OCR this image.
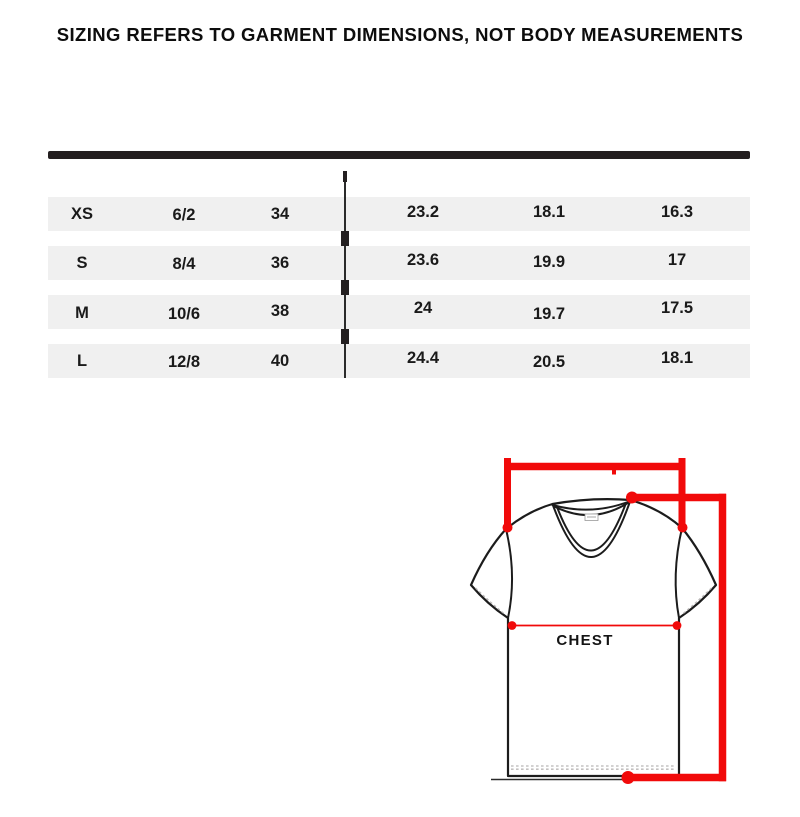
SIZING REFERS TO GARMENT DIMENSIONS, NOT BODY MEASUREMENTS
XS	6/2	34	23.2	18.1	16.3
S	8/4	36	23.6	19.9	17
M	10/6	38	24	19.7	17.5
L	12/8	40	24.4	20.5	18.1
CHEST
